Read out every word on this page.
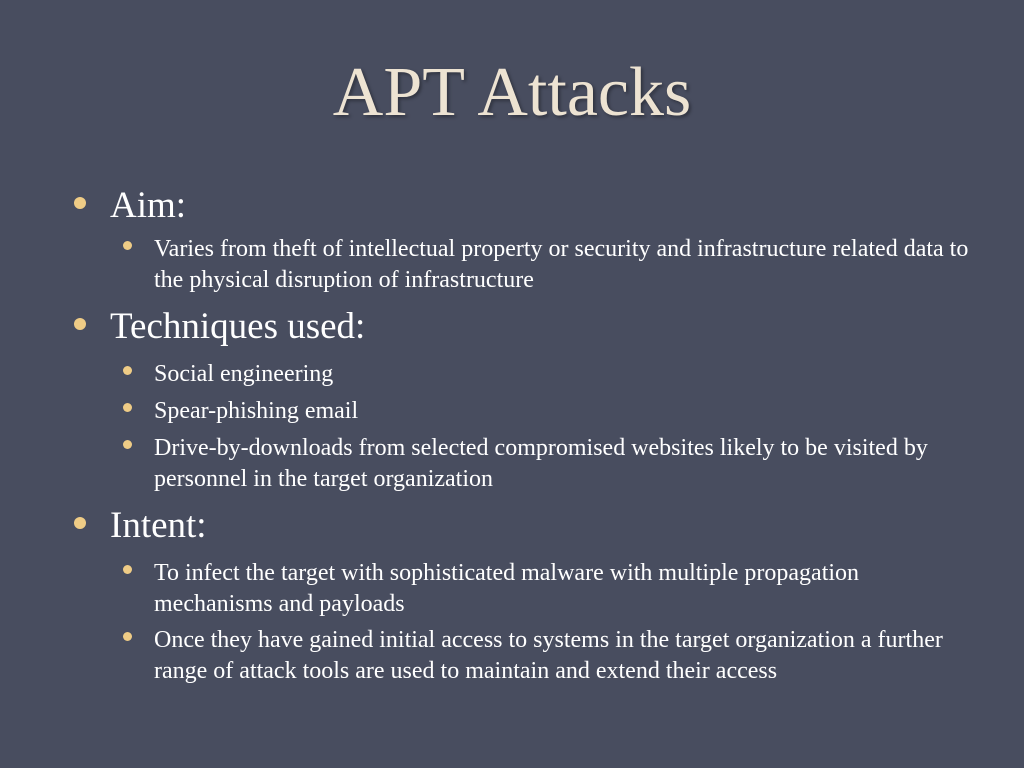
APT Attacks
Aim:
Varies from theft of intellectual property or security and infrastructure related data to the physical disruption of infrastructure
Techniques used:
Social engineering
Spear-phishing email
Drive-by-downloads from selected compromised websites likely to be visited by personnel in the target organization
Intent:
To infect the target with sophisticated malware with multiple propagation mechanisms and payloads
Once they have gained initial access to systems in the target organization a further range of attack tools are used to maintain and extend their access
